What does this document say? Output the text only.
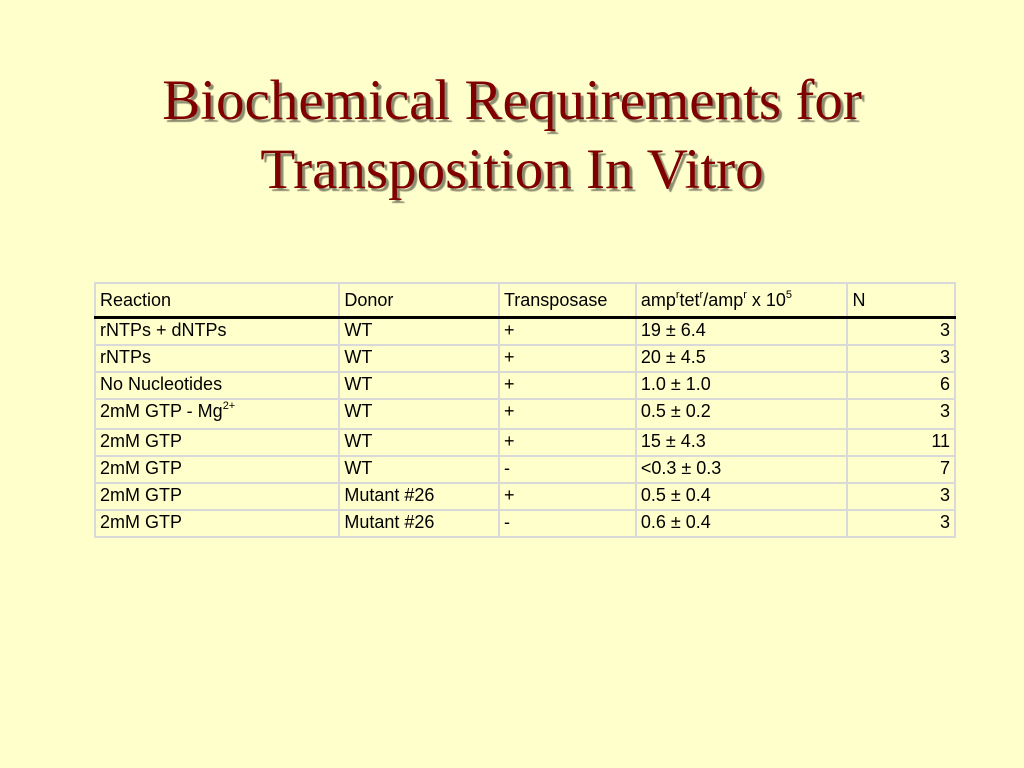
Biochemical Requirements for
Transposition In Vitro
Reaction	Donor	Transposase	amp$^r$tet$^r$/amp$^r$ x $10^5$	N
rNTPs + dNTPs	WT	+	19 ± 6.4	3
rNTPs	WT	+	20 ± 4.5	3
No Nucleotides	WT	+	1.0 ± 1.0	6
2mM GTP - $Mg^{2+}$	WT	+	0.5 ± 0.2	3
2mM GTP	WT	+	15 ± 4.3	11
2mM GTP	WT	-	<0.3 ± 0.3	7
2mM GTP	Mutant #26	+	0.5 ± 0.4	3
2mM GTP	Mutant #26	-	0.6 ± 0.4	3
